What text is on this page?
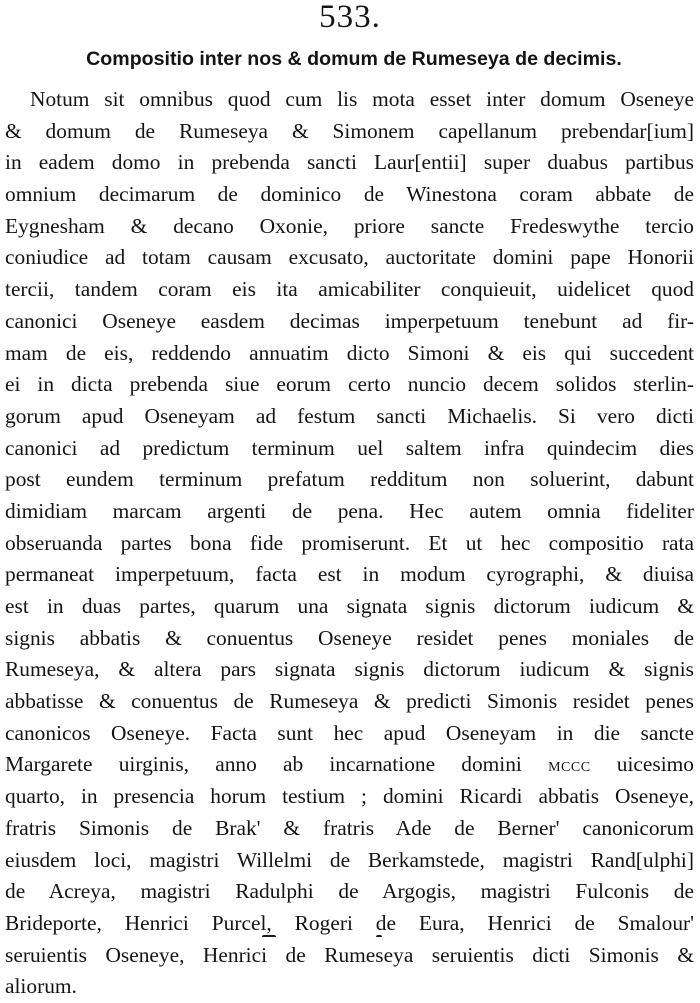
533.
Compositio inter nos & domum de Rumeseya de decimis.
Notum sit omnibus quod cum lis mota esset inter domum Oseneye
& domum de Rumeseya & Simonem capellanum prebendar[ium]
in eadem domo in prebenda sancti Laur[entii] super duabus partibus
omnium decimarum de dominico de Winestona coram abbate de
Eygnesham & decano Oxonie, priore sancte Fredeswythe tercio
coniudice ad totam causam excusato, auctoritate domini pape Honorii
tercii, tandem coram eis ita amicabiliter conquieuit, uidelicet quod
canonici Oseneye easdem decimas imperpetuum tenebunt ad fir-
mam de eis, reddendo annuatim dicto Simoni & eis qui succedent
ei in dicta prebenda siue eorum certo nuncio decem solidos sterlin-
gorum apud Oseneyam ad festum sancti Michaelis. Si vero dicti
canonici ad predictum terminum uel saltem infra quindecim dies
post eundem terminum prefatum redditum non soluerint, dabunt
dimidiam marcam argenti de pena. Hec autem omnia fideliter
obseruanda partes bona fide promiserunt. Et ut hec compositio rata
permaneat imperpetuum, facta est in modum cyrographi, & diuisa
est in duas partes, quarum una signata signis dictorum iudicum &
signis abbatis & conuentus Oseneye residet penes moniales de
Rumeseya, & altera pars signata signis dictorum iudicum & signis
abbatisse & conuentus de Rumeseya & predicti Simonis residet penes
canonicos Oseneye. Facta sunt hec apud Oseneyam in die sancte
Margarete uirginis, anno ab incarnatione domini MCCC uicesimo
quarto, in presencia horum testium ; domini Ricardi abbatis Oseneye,
fratris Simonis de Brak' & fratris Ade de Berner' canonicorum
eiusdem loci, magistri Willelmi de Berkamstede, magistri Rand[ulphi]
de Acreya, magistri Radulphi de Argogis, magistri Fulconis de
Brideporte, Henrici Purcel, Rogeri de Eura, Henrici de Smalour'
seruientis Oseneye, Henrici de Rumeseya seruientis dicti Simonis &
aliorum.
